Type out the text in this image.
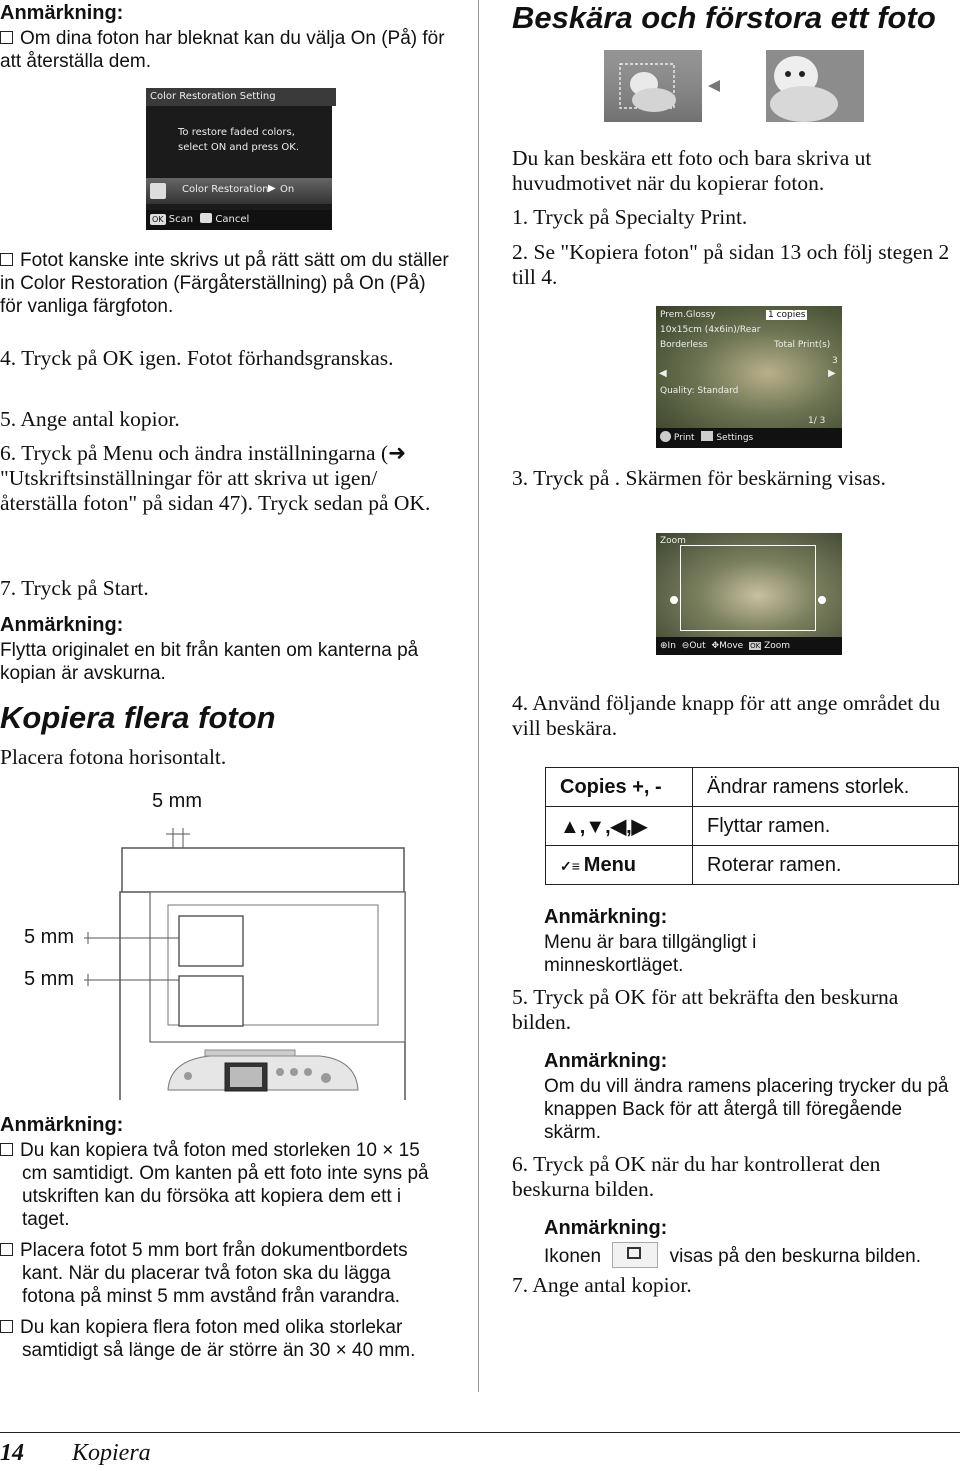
Anmärkning:
Om dina foton har bleknat kan du välja On (På) för att återställa dem.
Color Restoration Setting
To restore faded colors,
select ON and press OK.
Color Restoration ▶ On
OK Scan Cancel
Fotot kanske inte skrivs ut på rätt sätt om du ställer in Color Restoration (Färgåterställning) på On (På) för vanliga färgfoton.
4. Tryck på OK igen. Fotot förhandsgranskas.
5. Ange antal kopior.
6. Tryck på Menu och ändra inställningarna (➜ "Utskriftsinställningar för att skriva ut igen/återställa foton" på sidan 47). Tryck sedan på OK.
7. Tryck på Start.
Anmärkning:
Flytta originalet en bit från kanten om kanterna på kopian är avskurna.
Kopiera flera foton
Placera fotona horisontalt.
5 mm
5 mm
5 mm
Anmärkning:
Du kan kopiera två foton med storleken 10 × 15 cm samtidigt. Om kanten på ett foto inte syns på utskriften kan du försöka att kopiera dem ett i taget.
Placera fotot 5 mm bort från dokumentbordets kant. När du placerar två foton ska du lägga fotona på minst 5 mm avstånd från varandra.
Du kan kopiera flera foton med olika storlekar samtidigt så länge de är större än 30 × 40 mm.
Beskära och förstora ett foto
Du kan beskära ett foto och bara skriva ut huvudmotivet när du kopierar foton.
1. Tryck på Specialty Print.
2. Se "Kopiera foton" på sidan 13 och följ stegen 2 till 4.
Prem.Glossy	1 copies
10x15cm (4x6in)/Rear
Borderless	Total Print(s)
3
◀	▶
Quality: Standard
1/ 3
Print Settings
3. Tryck på . Skärmen för beskärning visas.
Zoom
⊕In ⊖Out ✥Move OK Zoom
4. Använd följande knapp för att ange området du vill beskära.
Copies +, -	Ändrar ramens storlek.
▲,▼,◀,▶	Flyttar ramen.
✓≡ Menu	Roterar ramen.
Anmärkning:
Menu är bara tillgängligt i minneskortläget.
5. Tryck på OK för att bekräfta den beskurna bilden.
Anmärkning:
Om du vill ändra ramens placering trycker du på knappen Back för att återgå till föregående skärm.
6. Tryck på OK när du har kontrollerat den beskurna bilden.
Anmärkning:
Ikonen	visas på den beskurna bilden.
7. Ange antal kopior.
14 Kopiera
